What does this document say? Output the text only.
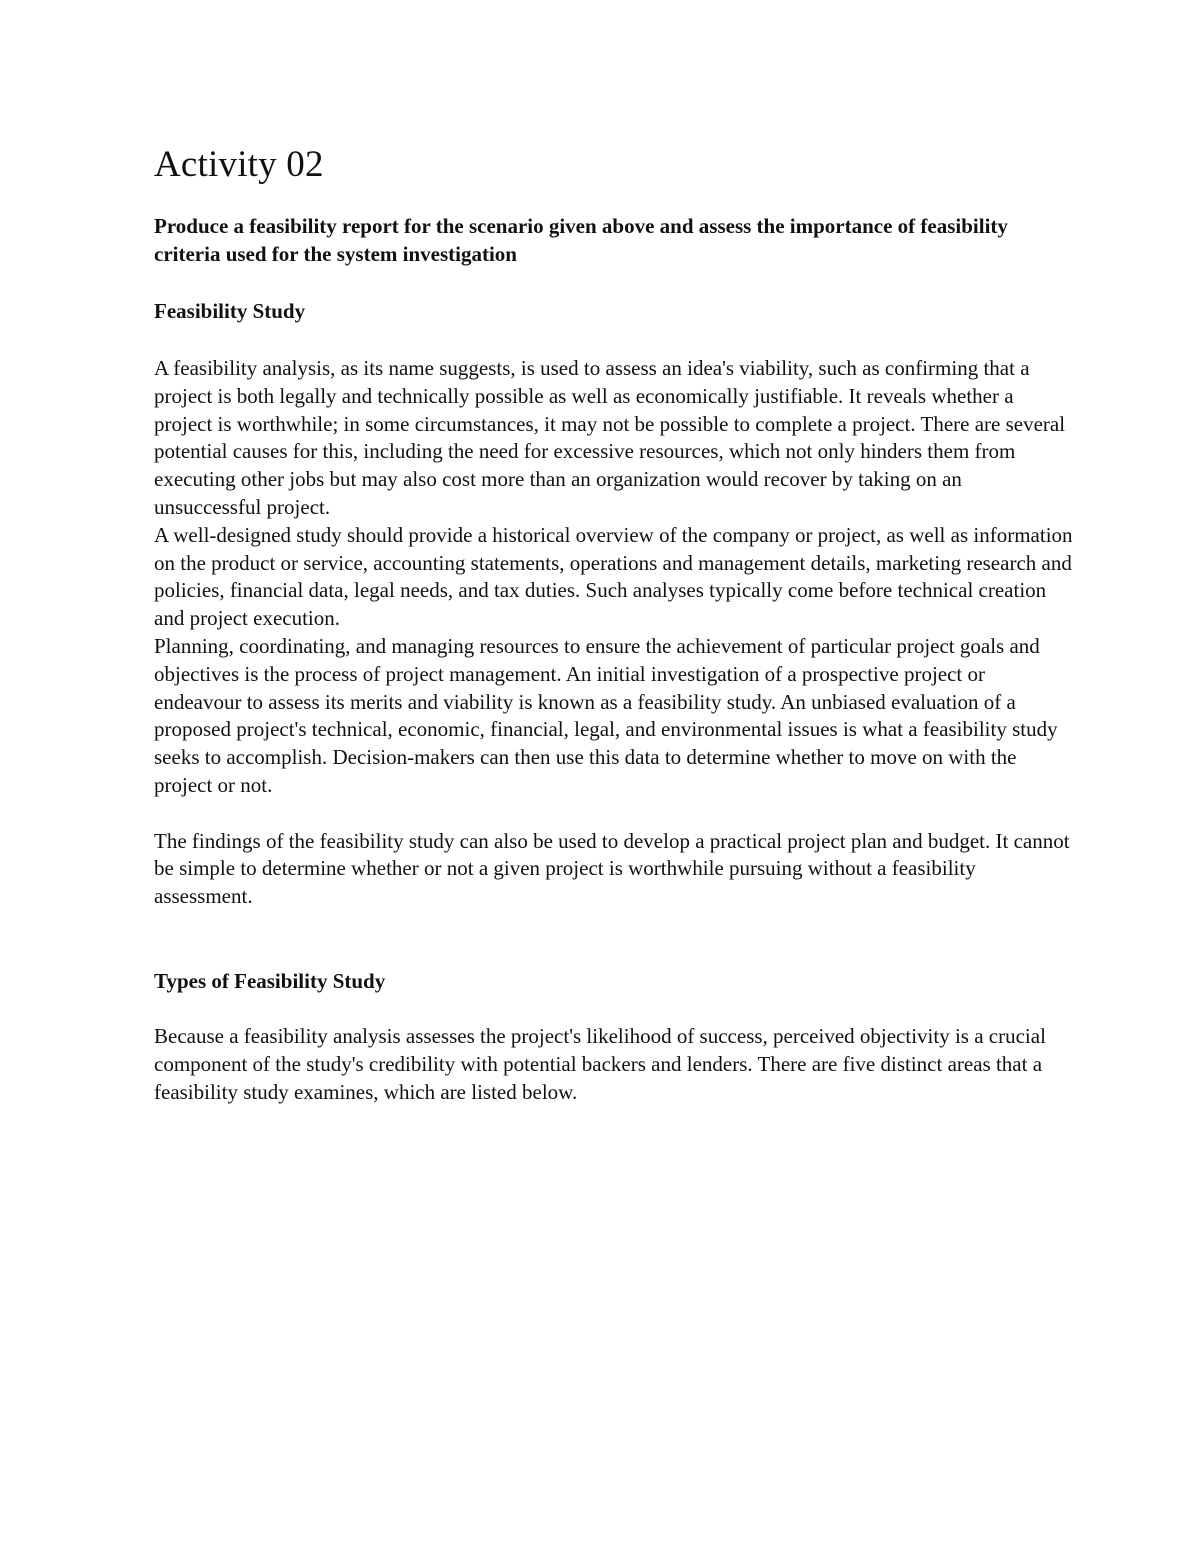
Activity 02

Produce a feasibility report for the scenario given above and assess the importance of feasibility criteria used for the system investigation

Feasibility Study

A feasibility analysis, as its name suggests, is used to assess an idea's viability, such as confirming that a project is both legally and technically possible as well as economically justifiable. It reveals whether a project is worthwhile; in some circumstances, it may not be possible to complete a project. There are several potential causes for this, including the need for excessive resources, which not only hinders them from executing other jobs but may also cost more than an organization would recover by taking on an unsuccessful project.

A well-designed study should provide a historical overview of the company or project, as well as information on the product or service, accounting statements, operations and management details, marketing research and policies, financial data, legal needs, and tax duties. Such analyses typically come before technical creation and project execution.

Planning, coordinating, and managing resources to ensure the achievement of particular project goals and objectives is the process of project management. An initial investigation of a prospective project or endeavour to assess its merits and viability is known as a feasibility study. An unbiased evaluation of a proposed project's technical, economic, financial, legal, and environmental issues is what a feasibility study seeks to accomplish. Decision-makers can then use this data to determine whether to move on with the project or not.

The findings of the feasibility study can also be used to develop a practical project plan and budget. It cannot be simple to determine whether or not a given project is worthwhile pursuing without a feasibility assessment.

Types of Feasibility Study

Because a feasibility analysis assesses the project's likelihood of success, perceived objectivity is a crucial component of the study's credibility with potential backers and lenders. There are five distinct areas that a feasibility study examines, which are listed below.
